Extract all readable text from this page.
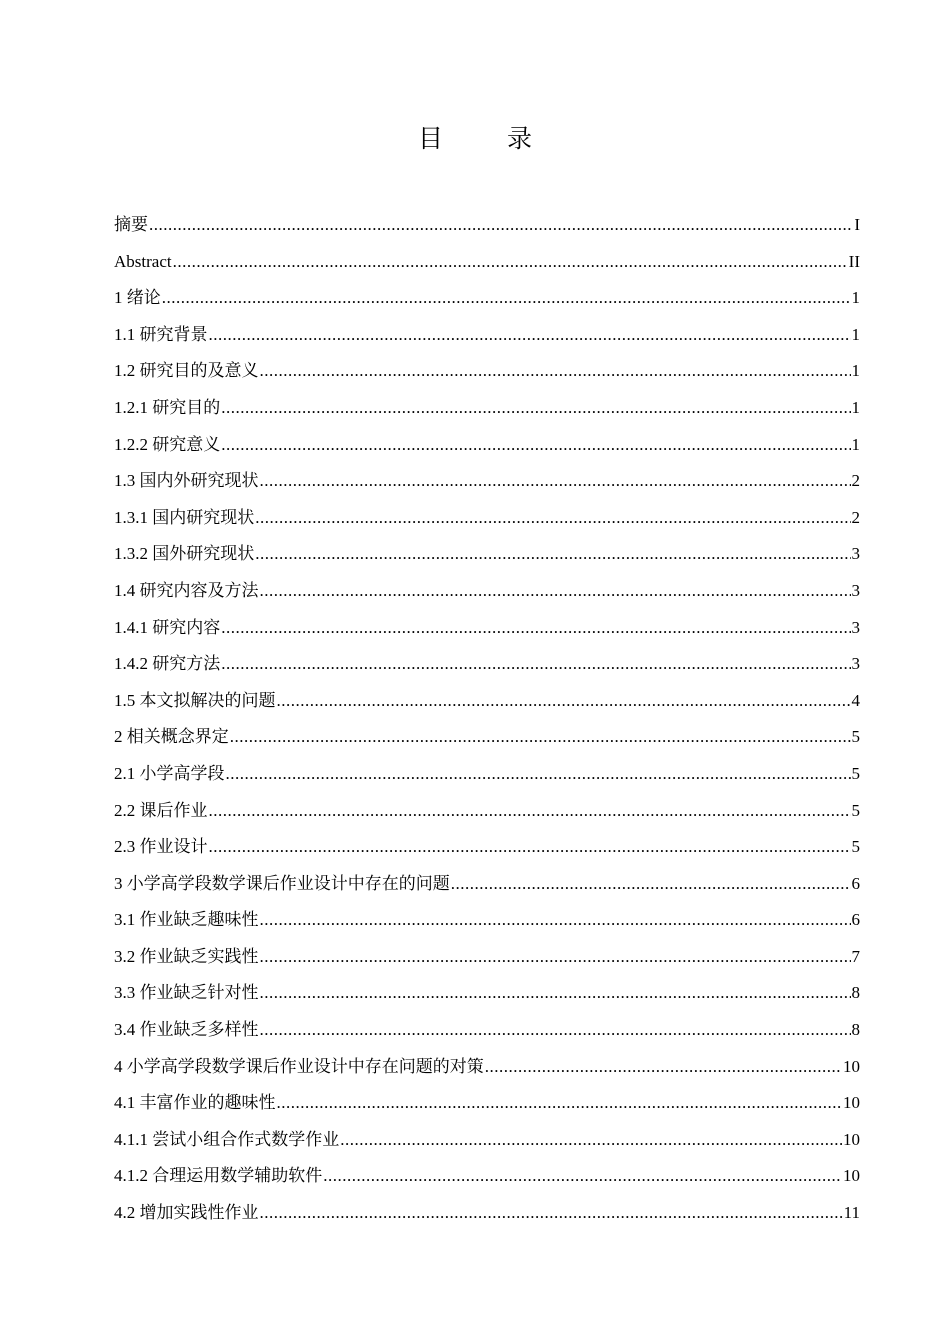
目 录
摘要 .....	I
Abstract .....	II
1 绪论 .....	1
1.1 研究背景 .....	1
1.2 研究目的及意义 .....	1
1.2.1 研究目的 .....	1
1.2.2 研究意义 .....	1
1.3 国内外研究现状 .....	2
1.3.1 国内研究现状 .....	2
1.3.2 国外研究现状 .....	3
1.4 研究内容及方法 .....	3
1.4.1 研究内容 .....	3
1.4.2 研究方法 .....	3
1.5 本文拟解决的问题 .....	4
2 相关概念界定 .....	5
2.1 小学高学段 .....	5
2.2 课后作业 .....	5
2.3 作业设计 .....	5
3 小学高学段数学课后作业设计中存在的问题 .....	6
3.1 作业缺乏趣味性 .....	6
3.2 作业缺乏实践性 .....	7
3.3 作业缺乏针对性 .....	8
3.4 作业缺乏多样性 .....	8
4 小学高学段数学课后作业设计中存在问题的对策 .....	10
4.1 丰富作业的趣味性 .....	10
4.1.1 尝试小组合作式数学作业 .....	10
4.1.2 合理运用数学辅助软件 .....	10
4.2 增加实践性作业 .....	11
